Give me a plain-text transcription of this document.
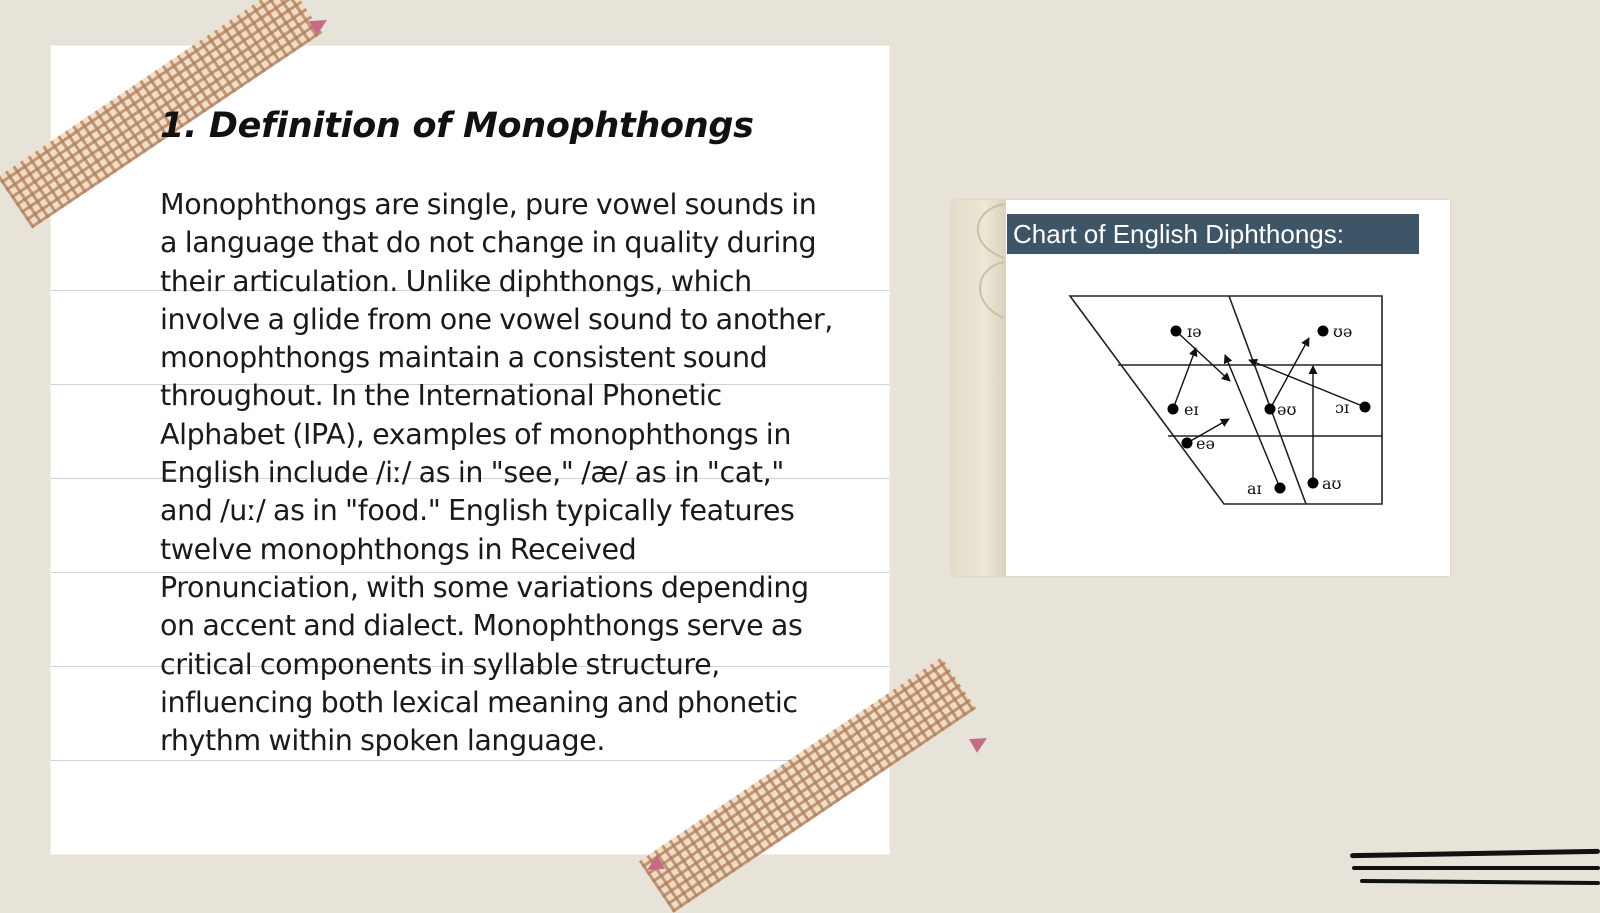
1. Definition of Monophthongs

Monophthongs are single, pure vowel sounds in a language that do not change in quality during their articulation. Unlike diphthongs, which involve a glide from one vowel sound to another, monophthongs maintain a consistent sound throughout. In the International Phonetic Alphabet (IPA), examples of monophthongs in English include /iː/ as in "see," /æ/ as in "cat," and /uː/ as in "food." English typically features twelve monophthongs in Received Pronunciation, with some variations depending on accent and dialect. Monophthongs serve as critical components in syllable structure, influencing both lexical meaning and phonetic rhythm within spoken language.

Chart of English Diphthongs:
ɪə	ʊə
eɪ	əʊ ɔɪ
eə
aɪ	aʊ
